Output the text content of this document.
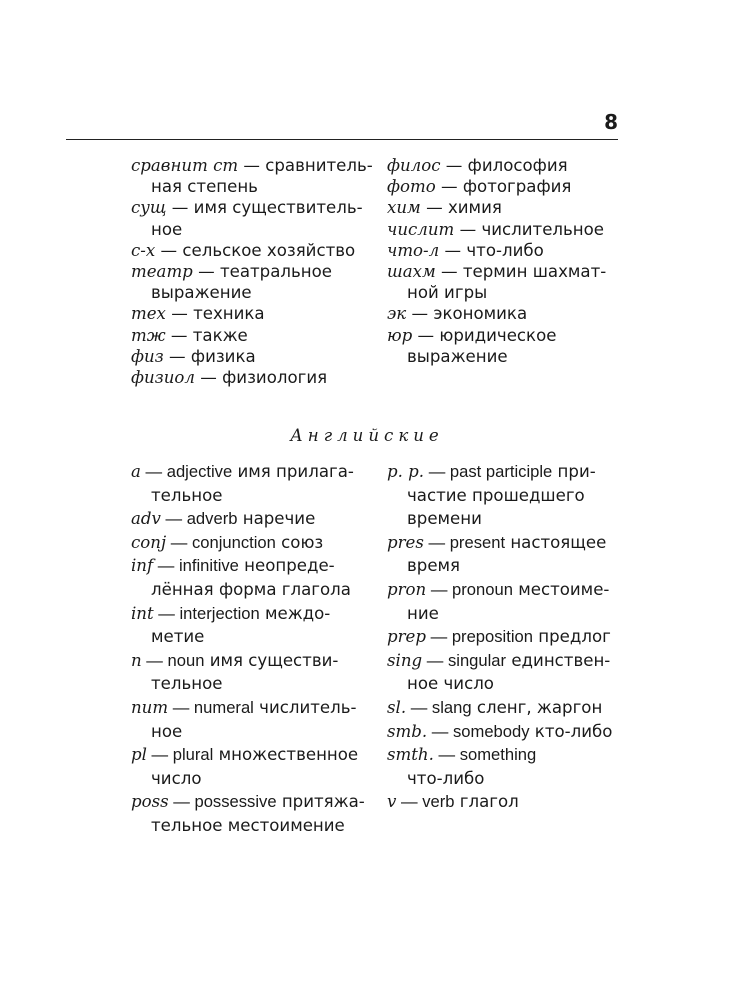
8
сравнит ст — сравнитель-
ная степень
сущ — имя существитель-
ное
с-х — сельское хозяйство
театр — театральное
выражение
тех — техника
тж — также
физ — физика
физиол — физиология
филос — философия
фото — фотография
хим — химия
числит — числительное
что-л — что-либо
шахм — термин шахмат-
ной игры
эк — экономика
юр — юридическое
выражение
Английские
a — adjective имя прилага-
тельное
adv — adverb наречие
conj — conjunction союз
inf — infinitive неопреде-
лённая форма глагола
int — interjection междо-
метие
n — noun имя существи-
тельное
num — numeral числитель-
ное
pl — plural множественное
число
poss — possessive притяжа-
тельное местоимение
p. p. — past participle при-
частие прошедшего
времени
pres — present настоящее
время
pron — pronoun местоиме-
ние
prep — preposition предлог
sing — singular единствен-
ное число
sl. — slang сленг, жаргон
smb. — somebody кто-либо
smth. — something
что-либо
v — verb глагол
